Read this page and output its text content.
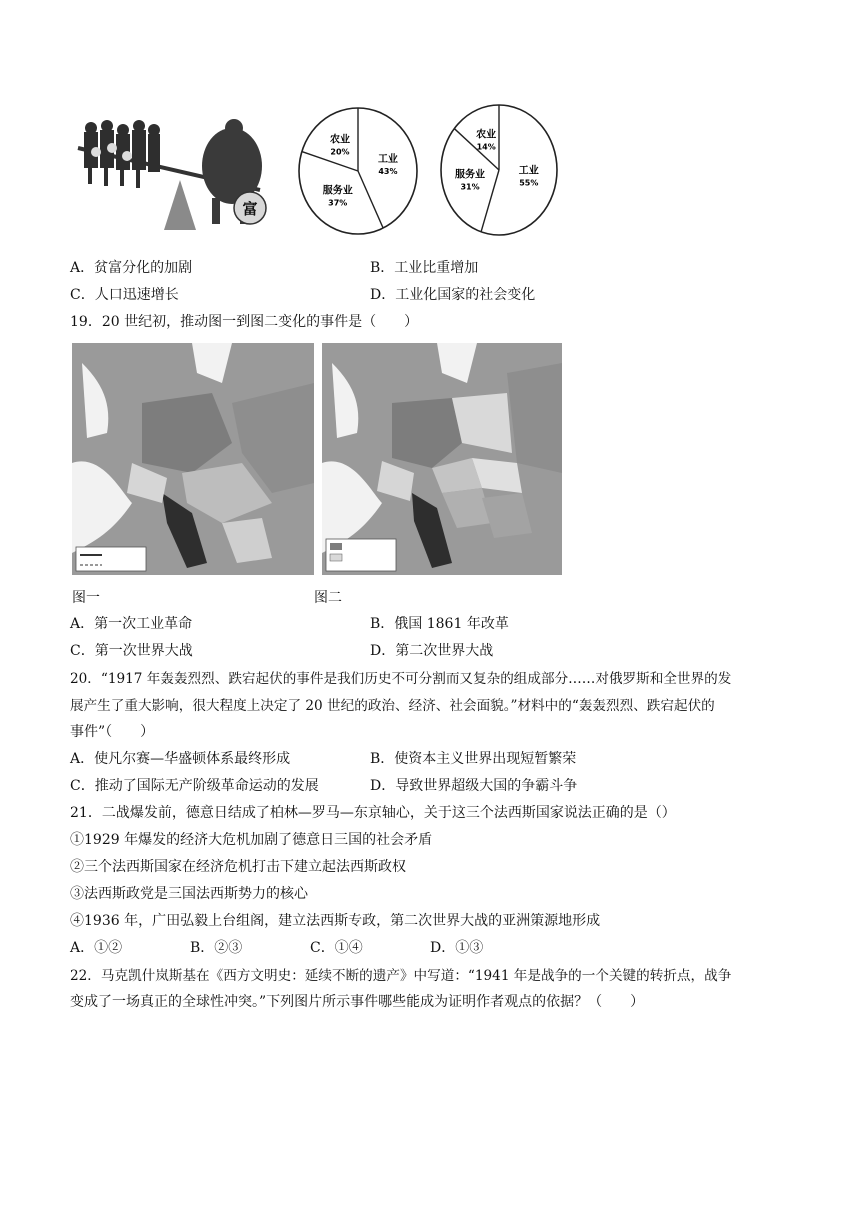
富
工业
43%
服务业
37%
农业
20%
工业
55%
服务业
31%
农业
14%
A．贫富分化的加剧	B．工业比重增加
C．人口迅速增长	D．工业化国家的社会变化
19．20 世纪初，推动图一到图二变化的事件是（　　）
图一	图二
A．第一次工业革命	B．俄国 1861 年改革
C．第一次世界大战	D．第二次世界大战
20．“1917 年轰轰烈烈、跌宕起伏的事件是我们历史不可分割而又复杂的组成部分……对俄罗斯和全世界的发
展产生了重大影响，很大程度上决定了 20 世纪的政治、经济、社会面貌。”材料中的“轰轰烈烈、跌宕起伏的
事件”（　　）
A．使凡尔赛—华盛顿体系最终形成	B．使资本主义世界出现短暂繁荣
C．推动了国际无产阶级革命运动的发展	D．导致世界超级大国的争霸斗争
21．二战爆发前，德意日结成了柏林—罗马—东京轴心，关于这三个法西斯国家说法正确的是（）
①1929 年爆发的经济大危机加剧了德意日三国的社会矛盾
②三个法西斯国家在经济危机打击下建立起法西斯政权
③法西斯政党是三国法西斯势力的核心
④1936 年，广田弘毅上台组阁，建立法西斯专政，第二次世界大战的亚洲策源地形成
A．①②	B．②③	C．①④	D．①③
22．马克凯什岚斯基在《西方文明史：延续不断的遗产》中写道：“1941 年是战争的一个关键的转折点，战争
变成了一场真正的全球性冲突。”下列图片所示事件哪些能成为证明作者观点的依据？（　　）
